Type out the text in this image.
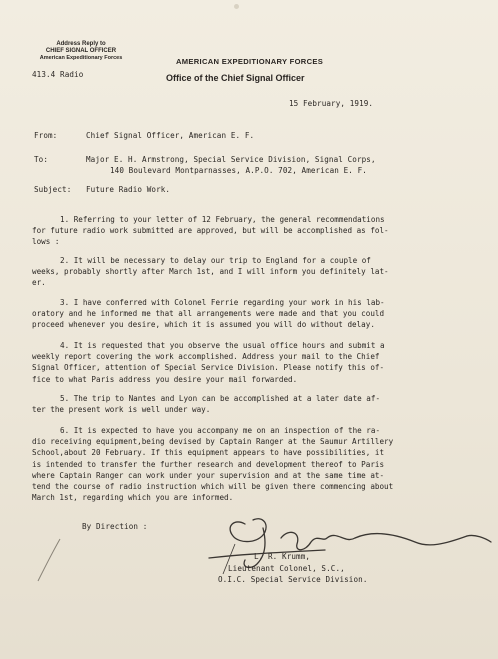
Address Reply to
CHIEF SIGNAL OFFICER
American Expeditionary Forces
413.4 Radio
AMERICAN EXPEDITIONARY FORCES
Office of the Chief Signal Officer
15 February, 1919.
From:	Chief Signal Officer, American E. F.
To:	Major E. H. Armstrong, Special Service Division, Signal Corps,
140 Boulevard Montparnasses, A.P.O. 702, American E. F.
Subject: Future Radio Work.
1. Referring to your letter of 12 February, the general recommendations
for future radio work submitted are approved, but will be accomplished as fol-
lows :
2. It will be necessary to delay our trip to England for a couple of
weeks, probably shortly after March 1st, and I will inform you definitely lat-
er.
3. I have conferred with Colonel Ferrie regarding your work in his lab-
oratory and he informed me that all arrangements were made and that you could
proceed whenever you desire, which it is assumed you will do without delay.
4. It is requested that you observe the usual office hours and submit a
weekly report covering the work accomplished. Address your mail to the Chief
Signal Officer, attention of Special Service Division. Please notify this of-
fice to what Paris address you desire your mail forwarded.
5. The trip to Nantes and Lyon can be accomplished at a later date af-
ter the present work is well under way.
6. It is expected to have you accompany me on an inspection of the ra-
dio receiving equipment,being devised by Captain Ranger at the Saumur Artillery
School,about 20 February. If this equipment appears to have possibilities, it
is intended to transfer the further research and development thereof to Paris
where Captain Ranger can work under your supervision and at the same time at-
tend the course of radio instruction which will be given there commencing about
March 1st, regarding which you are informed.
By Direction :
L. R. Krumm,
Lieutenant Colonel, S.C.,
O.I.C. Special Service Division.
